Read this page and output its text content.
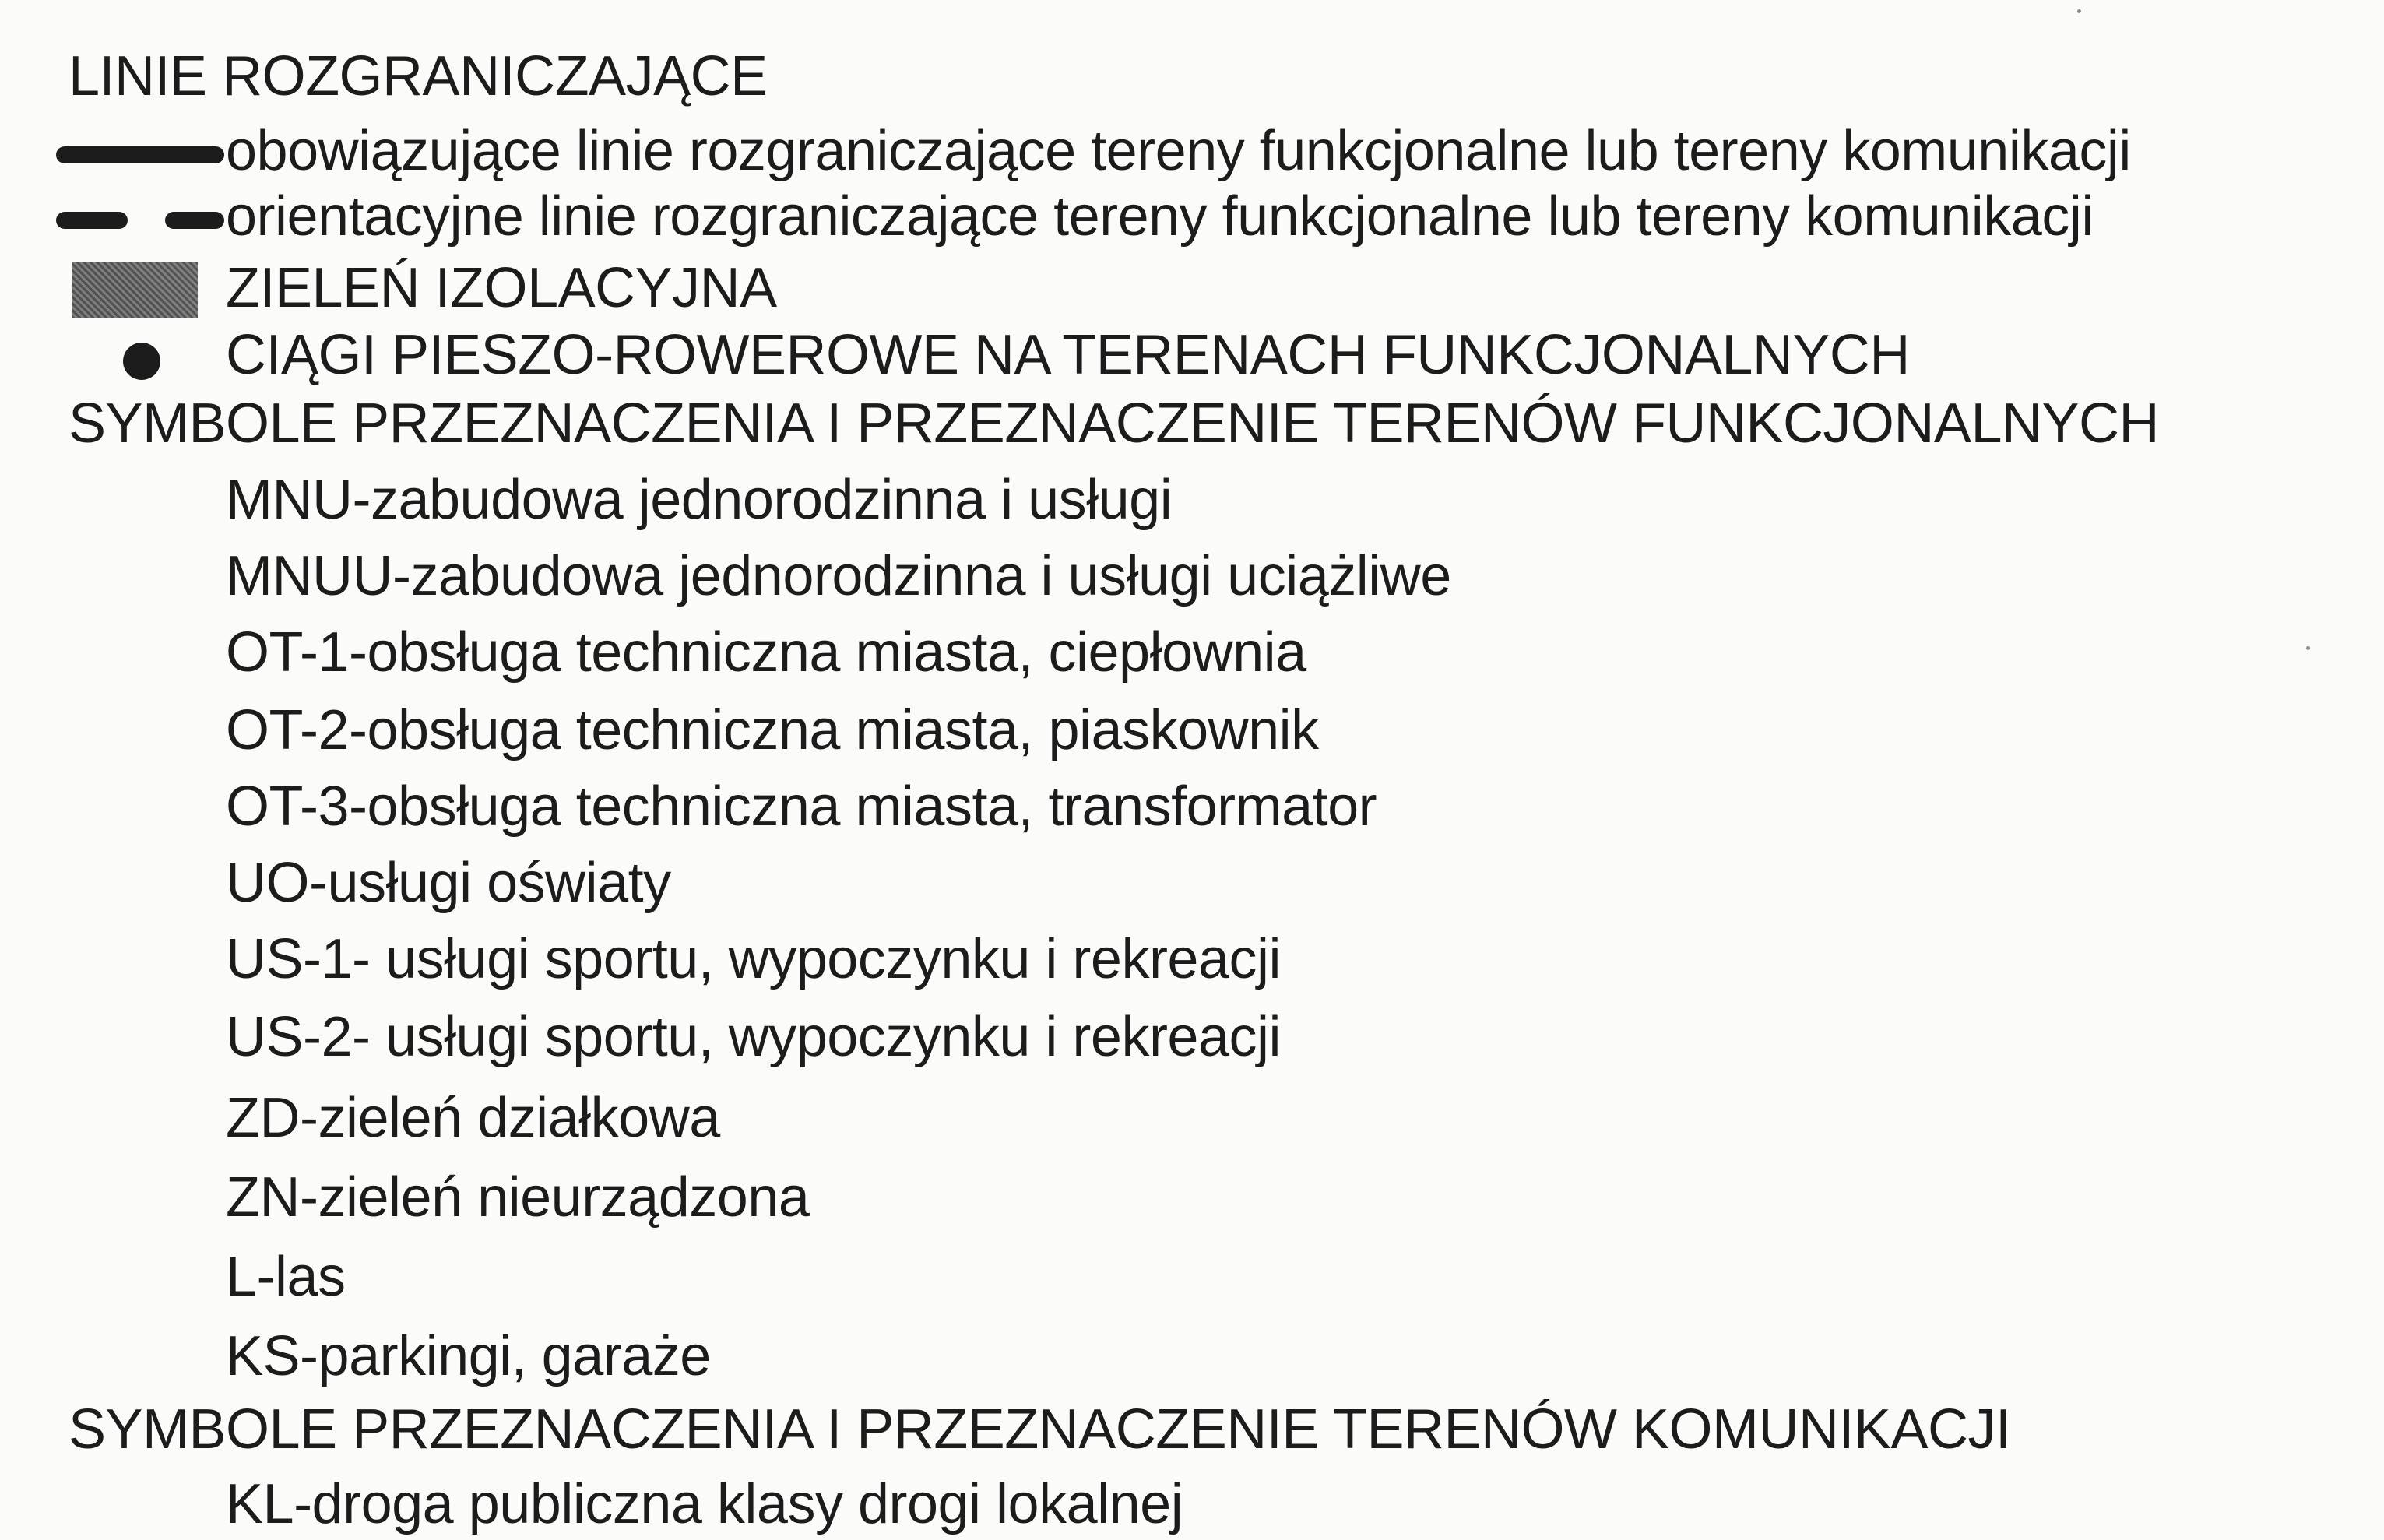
LINIE ROZGRANICZAJĄCE
obowiązujące linie rozgraniczające tereny funkcjonalne lub tereny komunikacji
orientacyjne linie rozgraniczające tereny funkcjonalne lub tereny komunikacji
ZIELEŃ IZOLACYJNA
CIĄGI PIESZO-ROWEROWE NA TERENACH FUNKCJONALNYCH
SYMBOLE PRZEZNACZENIA I PRZEZNACZENIE TERENÓW FUNKCJONALNYCH
MNU-zabudowa jednorodzinna i usługi
MNUU-zabudowa jednorodzinna i usługi uciążliwe
OT-1-obsługa techniczna miasta, ciepłownia
OT-2-obsługa techniczna miasta, piaskownik
OT-3-obsługa techniczna miasta, transformator
UO-usługi oświaty
US-1- usługi sportu, wypoczynku i rekreacji
US-2- usługi sportu, wypoczynku i rekreacji
ZD-zieleń działkowa
ZN-zieleń nieurządzona
L-las
KS-parkingi, garaże
SYMBOLE PRZEZNACZENIA I PRZEZNACZENIE TERENÓW KOMUNIKACJI
KL-droga publiczna klasy drogi lokalnej
